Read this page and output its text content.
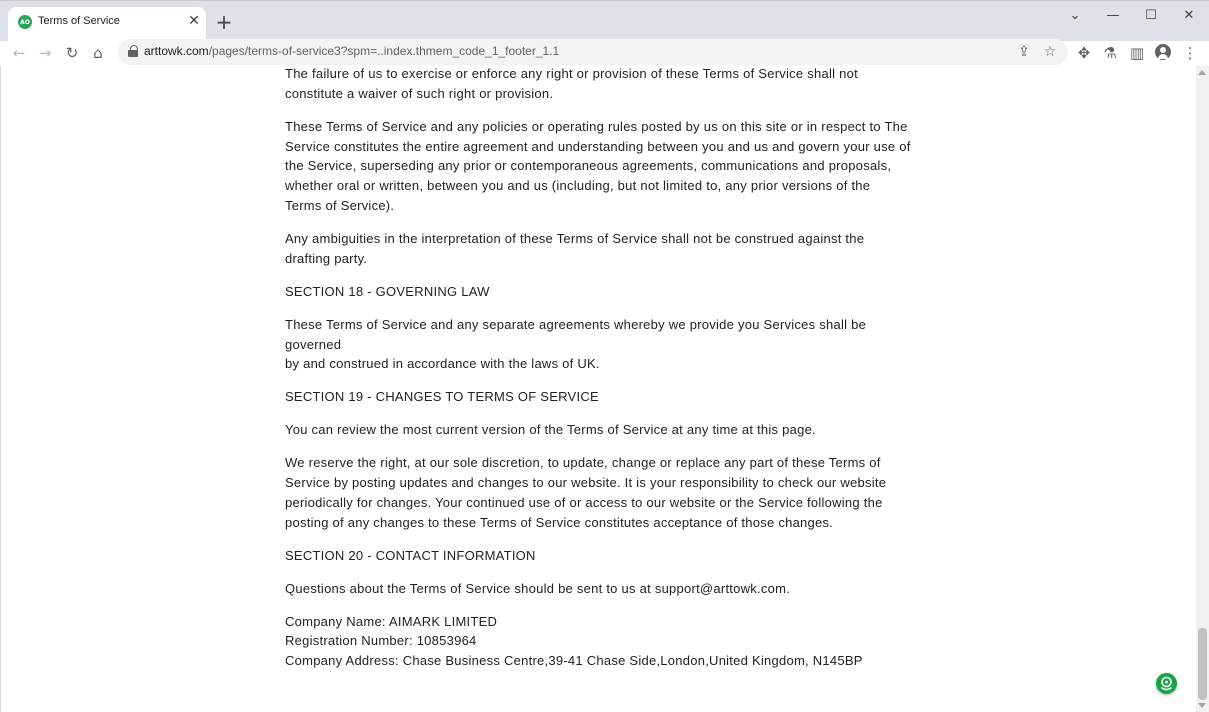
AO Terms of Service	✕ +	⌄	—	☐	✕
← → ↻ ⌂	arttowk.com/pages/terms-of-service3?spm=..index.thmem_code_1_footer_1.1	⇪ ☆ ✥ ⚗ ▥	⋮

The failure of us to exercise or enforce any right or provision of these Terms of Service shall not
constitute a waiver of such right or provision.

These Terms of Service and any policies or operating rules posted by us on this site or in respect to The
Service constitutes the entire agreement and understanding between you and us and govern your use of
the Service, superseding any prior or contemporaneous agreements, communications and proposals,
whether oral or written, between you and us (including, but not limited to, any prior versions of the
Terms of Service).

Any ambiguities in the interpretation of these Terms of Service shall not be construed against the
drafting party.

SECTION 18 - GOVERNING LAW

These Terms of Service and any separate agreements whereby we provide you Services shall be governed
by and construed in accordance with the laws of UK.

SECTION 19 - CHANGES TO TERMS OF SERVICE

You can review the most current version of the Terms of Service at any time at this page.

We reserve the right, at our sole discretion, to update, change or replace any part of these Terms of
Service by posting updates and changes to our website. It is your responsibility to check our website
periodically for changes. Your continued use of or access to our website or the Service following the
posting of any changes to these Terms of Service constitutes acceptance of those changes.

SECTION 20 - CONTACT INFORMATION

Questions about the Terms of Service should be sent to us at support@arttowk.com.

Company Name: AIMARK LIMITED
Registration Number: 10853964
Company Address: Chase Business Centre,39-41 Chase Side,London,United Kingdom, N145BP
